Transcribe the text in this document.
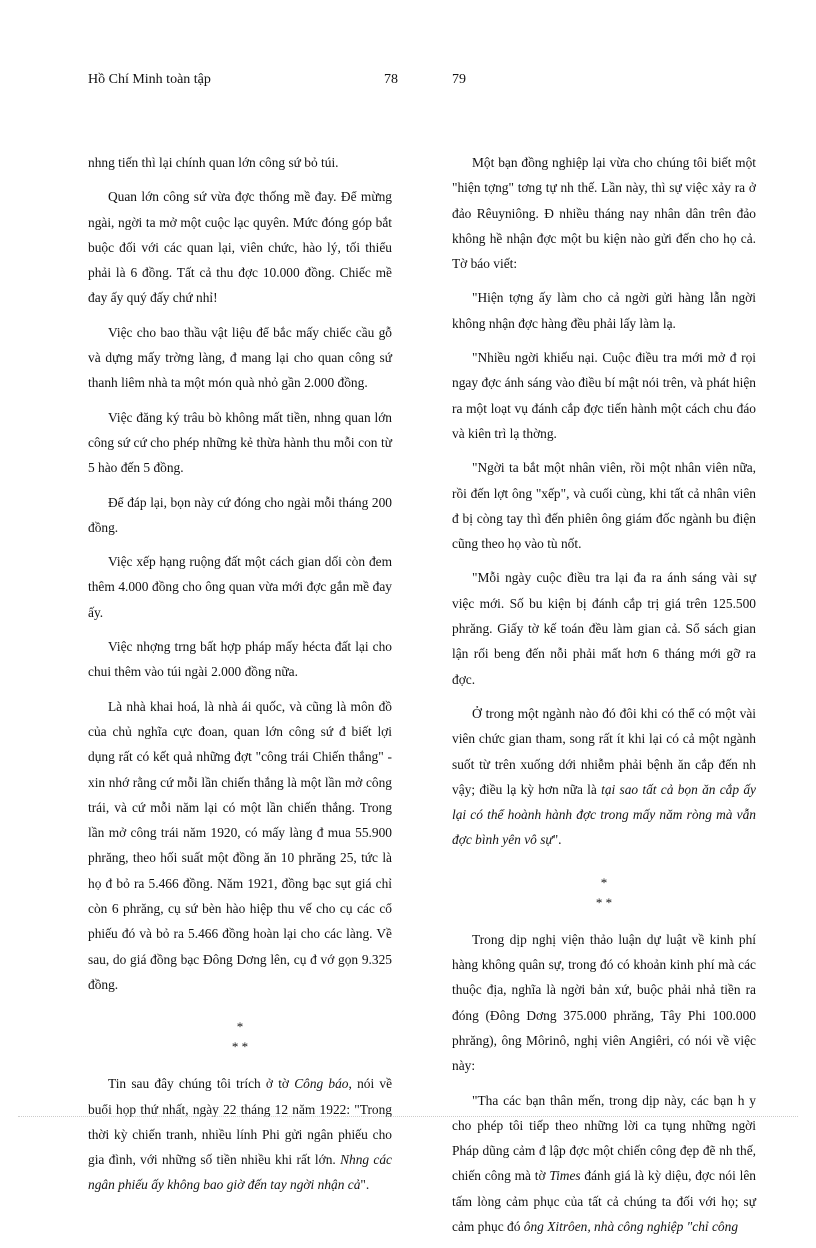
Hồ Chí Minh toàn tập	78	79

nhng tiến thì lại chính quan lớn công sứ bỏ túi.

Quan lớn công sứ vừa đợc thống mề đay. Để mừng ngài, ngời ta mở một cuộc lạc quyên. Mức đóng góp bắt buộc đối với các quan lại, viên chức, hào lý, tối thiểu phải là 6 đồng. Tất cả thu đợc 10.000 đồng. Chiếc mề đay ấy quý đấy chứ nhỉ!

Việc cho bao thầu vật liệu để bắc mấy chiếc cầu gỗ và dựng mấy trờng làng, đ mang lại cho quan công sứ thanh liêm nhà ta một món quà nhỏ gần 2.000 đồng.

Việc đăng ký trâu bò không mất tiền, nhng quan lớn công sứ cứ cho phép những kẻ thừa hành thu mỗi con từ 5 hào đến 5 đồng.

Để đáp lại, bọn này cứ đóng cho ngài mỗi tháng 200 đồng.

Việc xếp hạng ruộng đất một cách gian dối còn đem thêm 4.000 đồng cho ông quan vừa mới đợc gắn mề đay ấy.

Việc nhợng trng bất hợp pháp mấy hécta đất lại cho chui thêm vào túi ngài 2.000 đồng nữa.

Là nhà khai hoá, là nhà ái quốc, và cũng là môn đồ của chủ nghĩa cực đoan, quan lớn công sứ đ biết lợi dụng rất có kết quả những đợt "công trái Chiến thắng" - xin nhớ rằng cứ mỗi lần chiến thắng là một lần mở công trái, và cứ mỗi năm lại có một lần chiến thắng. Trong lần mở công trái năm 1920, có mấy làng đ mua 55.900 phrăng, theo hối suất một đồng ăn 10 phrăng 25, tức là họ đ bỏ ra 5.466 đồng. Năm 1921, đồng bạc sụt giá chỉ còn 6 phrăng, cụ sứ bèn hào hiệp thu vế cho cụ các cổ phiếu đó và bỏ ra 5.466 đồng hoàn lại cho các làng. Về sau, do giá đồng bạc Đông Dơng lên, cụ đ vớ gọn 9.325 đồng.

*
* *

Tin sau đây chúng tôi trích ở tờ Công báo, nói về buổi họp thứ nhất, ngày 22 tháng 12 năm 1922: "Trong thời kỳ chiến tranh, nhiều lính Phi gửi ngân phiếu cho gia đình, với những số tiền nhiều khi rất lớn. Nhng các ngân phiếu ấy không bao giờ đến tay ngời nhận cả".

Một bạn đồng nghiệp lại vừa cho chúng tôi biết một "hiện tợng" tơng tự nh thế. Lần này, thì sự việc xảy ra ở đảo Rêuyniông. Đ nhiều tháng nay nhân dân trên đảo không hề nhận đợc một bu kiện nào gửi đến cho họ cả. Tờ báo viết:

"Hiện tợng ấy làm cho cả ngời gửi hàng lẫn ngời không nhận đợc hàng đều phải lấy làm lạ.

"Nhiều ngời khiếu nại. Cuộc điều tra mới mở đ rọi ngay đợc ánh sáng vào điều bí mật nói trên, và phát hiện ra một loạt vụ đánh cắp đợc tiến hành một cách chu đáo và kiên trì lạ thờng.

"Ngời ta bắt một nhân viên, rồi một nhân viên nữa, rồi đến lợt ông "xếp", và cuối cùng, khi tất cả nhân viên đ bị còng tay thì đến phiên ông giám đốc ngành bu điện cũng theo họ vào tù nốt.

"Mỗi ngày cuộc điều tra lại đa ra ánh sáng vài sự việc mới. Số bu kiện bị đánh cắp trị giá trên 125.500 phrăng. Giấy tờ kế toán đều làm gian cả. Sổ sách gian lận rối beng đến nỗi phải mất hơn 6 tháng mới gỡ ra đợc.

Ở trong một ngành nào đó đôi khi có thể có một vài viên chức gian tham, song rất ít khi lại có cả một ngành suốt từ trên xuống dới nhiễm phải bệnh ăn cắp đến nh vậy; điều lạ kỳ hơn nữa là tại sao tất cả bọn ăn cắp ấy lại có thể hoành hành đợc trong mấy năm ròng mà vẫn đợc bình yên vô sự".

*
* *

Trong dịp nghị viện thảo luận dự luật về kinh phí hàng không quân sự, trong đó có khoản kinh phí mà các thuộc địa, nghĩa là ngời bản xứ, buộc phải nhả tiền ra đóng (Đông Dơng 375.000 phrăng, Tây Phi 100.000 phrăng), ông Môrinô, nghị viên Angiêri, có nói về việc này:

"Tha các bạn thân mến, trong dịp này, các bạn h y cho phép tôi tiếp theo những lời ca tụng những ngời Pháp dũng cảm đ lập đợc một chiến công đẹp đẽ nh thế, chiến công mà tờ Times đánh giá là kỳ diệu, đợc nói lên tấm lòng cảm phục của tất cả chúng ta đối với họ; sự cảm phục đó ông Xitrôen, nhà công nghiệp "chỉ công
